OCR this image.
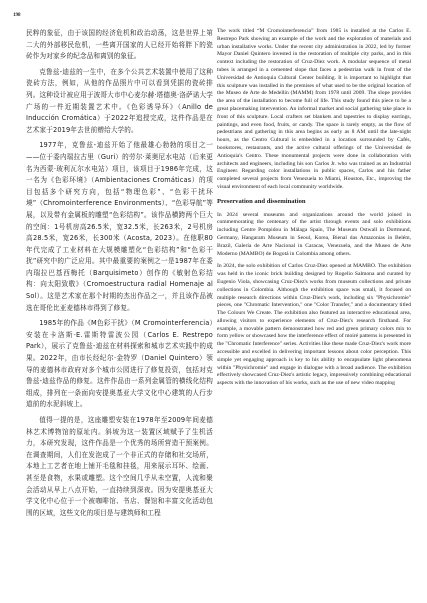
198

民粹的象征，由于该国的经济危机和政治动荡，这是世界上第二大的外部移民危机，一些离开国家的人已经开始将胖下的瓷砖作为对家乡的纪念品和离别的象征。

克鲁兹-迪兹的一生中，在多个公共艺术装置中使用了这种瓷砖方法，例如，从他的作品照片中可以看到凭据的瓷砖排列。这种设计被应用于波哥大市中心麦尔赫·塔德奥·洛萨诺大学广场的一件近期装置艺术中。《色彩诱导环》（Anillo de Inducción Cromática）于2022年追授完成，这件作品是在艺术家于2019年去世前赠给大学的。

1977年，克鲁兹-迪兹开始了他最雄心勃勃的项目之一——位于委内瑞拉古里（Guri）的劳尔·莱奥尼水电站（后来更名为西蒙·玻利瓦尔水电站）项目，该项目于1986年完成，这一名为《色彩环境》（Ambientaciones Cromáticas）的项目包括多个研究方向，包括“物理色彩”、“色彩干扰环境”（Chromointerference Environments）、“色彩导航”等展，以及带有金属板的雕塑“色彩结构”。该作品横跨两个巨大的空间：1号机房高26.5米，宽32.5米，长263米，2号机房高28.5米，宽26米，长300米（Acosta, 2023）。在他职80年代完成了工业材料在大规模雕塑化“色彩结构”和“色彩干扰”研究中的广泛应用。其中最重要的案例之一是1987年在委内瑞拉巴基西梅托（Barquisimeto）创作的《敏射色彩结构：向太阳致敬》（Cromoestructura radial Homenaje al Sol）。这是艺术家在那个时期的杰出作品之一，并且该作品被选在哥伦比亚麦德林市得到了修复。

1985年的作品《M色彩干扰》（M Cromointerferencia）安装在卡洛斯·E.雷斯特雷波公园（Carlos E. Restrepo Park），展示了克鲁兹-迪兹在材料探索和城市艺术实践中的成果。2022年，由市长经纪尔·金特罗（Daniel Quintero）领导的麦德林市政府对多个城市公园进行了修复投资，包括对克鲁兹-迪兹作品的修复。这件作品由一系列金属管的横线化结构组成，排列在一条面向安提奥基亚大学文化中心建筑的人行步道前的水泥斜坡上。

值得一提的是，这座雕塑安装在1978年至2009年间麦德林艺术博物馆的原址内。斜坡为这一装置区域赋予了生机活力，本研究发现，这件作品是一个优秀的场所营造干预案例。在调查期间，人们在发泡成了一个非正式的存储和社交场所，本地上工艺者在地上铺开毛毯和挂毯，用来展示耳环、绘画、甚至是食物，水果或雕塑。这个空间几乎从未空置，人流和聚会活动从早上八点开始，一直持续到深夜。因为安提奥基亚大学文化中心位于一个被咖啡馆、书店、餐馆和丰富文化活动包围的区域，这些文化的项目是与建筑师和工程

The work titled “M Cromointerferencia” from 1985 is installed at the Carlos E. Restrepo Park showing an example of the work and the exploration of materials and urban installative works. Under the recent city administration in 2022, led by former Mayor Daniel Quintero invested in the restoration of multiple city parks, and in this context including the restoration of Cruz-Diez work. A modular sequence of metal tubes is arranged in a cemented slope that faces a pedestrian walk in front of the Universidad de Antioquia Cultural Center building. It is important to highlight that this sculpture was installed in the premises of what used to be the original location of the Museo de Arte de Medellín (MAMM) from 1978 until 2009. The slope provides the area of the installation to become full of life. This study found this piece to be a great placemaking intervention. An informal market and social gathering take place in front of this sculpture. Local crafters set blankets and tapestries to display earrings, paintings, and even food, fruits, or candy. The space is rarely empty, as the flow of pedestrians and gathering in this area begins as early as 8 AM until the late-night hours, as the Centro Cultural is embedded in a location surrounded by Cafés, bookstores, restaurants, and the active cultural offerings of the Universidad de Antioquia's Centro. These monumental projects were done in collaboration with architects and engineers, including his son Carlos Jr. who was trained as an Industrial Engineer. Regarding color installations in public spaces, Carlos and his father completed several projects from Venezuela to Miami, Houston, Etc., improving the visual environment of each local community worldwide.

Preservation and dissemination

In 2024 several museums and organizations around the world joined in commemorating the centenary of the artist through events and solo exhibitions including Centre Pompidou in Málaga Spain, The Museum Ostwall in Dortmund, Germany, Hangaram Museum in Seoul, Korea, Bienal das Amazonias in Belém, Brazil, Galería de Arte Nacional in Caracas, Venezuela, and the Museo de Arte Moderno (MAMBO) de Bogotá in Colombia among others.

In 2024, the solo exhibition of Carlos Cruz-Diez opened at MAMBO. The exhibition was held in the iconic brick building designed by Rogelio Salmona and curated by Eugenio Viola, showcasing Cruz-Diez's works from museum collections and private collections in Colombia. Although the exhibition space was small, it focused on multiple research directions within Cruz-Diez's work, including six "Physichromie" pieces, one "Chromatic Intervention," one "Color Transfer," and a documentary titled The Colours We Create. The exhibition also featured an interactive educational area, allowing visitors to experience elements of Cruz-Diez's research firsthand. For example, a movable pattern demonstrated how red and green primary colors mix to form yellow or showcased how the interference effect of moiré patterns is presented in the "Chromatic Interference" series. Activities like these made Cruz-Diez's work more accessible and excelled in delivering important lessons about color perception. This simple yet engaging approach is key to his ability to encapsulate light phenomena within "Physichromie" and engage in dialogue with a broad audience. The exhibition effectively showcased Cruz-Diez's artistic legacy, impressively combining educational aspects with the innovation of his works, such as the use of new video mapping
